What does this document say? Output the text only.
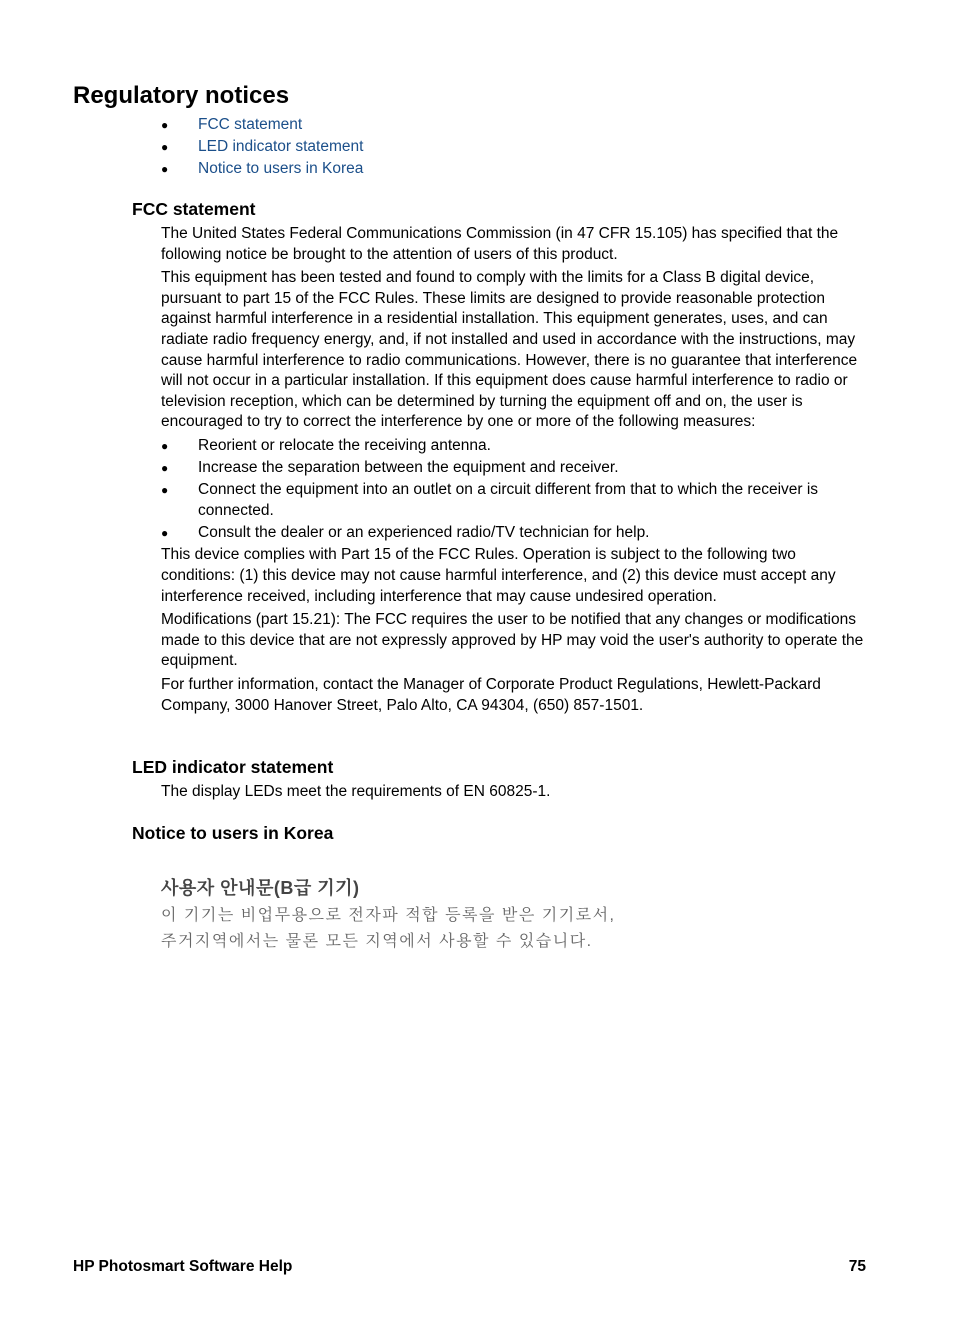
Regulatory notices
● FCC statement
● LED indicator statement
● Notice to users in Korea
FCC statement

The United States Federal Communications Commission (in 47 CFR 15.105) has specified that the following notice be brought to the attention of users of this product.

This equipment has been tested and found to comply with the limits for a Class B digital device, pursuant to part 15 of the FCC Rules. These limits are designed to provide reasonable protection against harmful interference in a residential installation. This equipment generates, uses, and can radiate radio frequency energy, and, if not installed and used in accordance with the instructions, may cause harmful interference to radio communications. However, there is no guarantee that interference will not occur in a particular installation. If this equipment does cause harmful interference to radio or television reception, which can be determined by turning the equipment off and on, the user is encouraged to try to correct the interference by one or more of the following measures:

● Reorient or relocate the receiving antenna.
● Increase the separation between the equipment and receiver.
● Connect the equipment into an outlet on a circuit different from that to which the receiver is connected.
● Consult the dealer or an experienced radio/TV technician for help.

This device complies with Part 15 of the FCC Rules. Operation is subject to the following two conditions: (1) this device may not cause harmful interference, and (2) this device must accept any interference received, including interference that may cause undesired operation.

Modifications (part 15.21): The FCC requires the user to be notified that any changes or modifications made to this device that are not expressly approved by HP may void the user's authority to operate the equipment.

For further information, contact the Manager of Corporate Product Regulations, Hewlett-Packard Company, 3000 Hanover Street, Palo Alto, CA 94304, (650) 857-1501.

LED indicator statement

The display LEDs meet the requirements of EN 60825-1.

Notice to users in Korea
사용자 안내문(B급 기기)
이 기기는 비업무용으로 전자파 적합 등록을 받은 기기로서,
주거지역에서는 물론 모든 지역에서 사용할 수 있습니다.
HP Photosmart Software Help	75
